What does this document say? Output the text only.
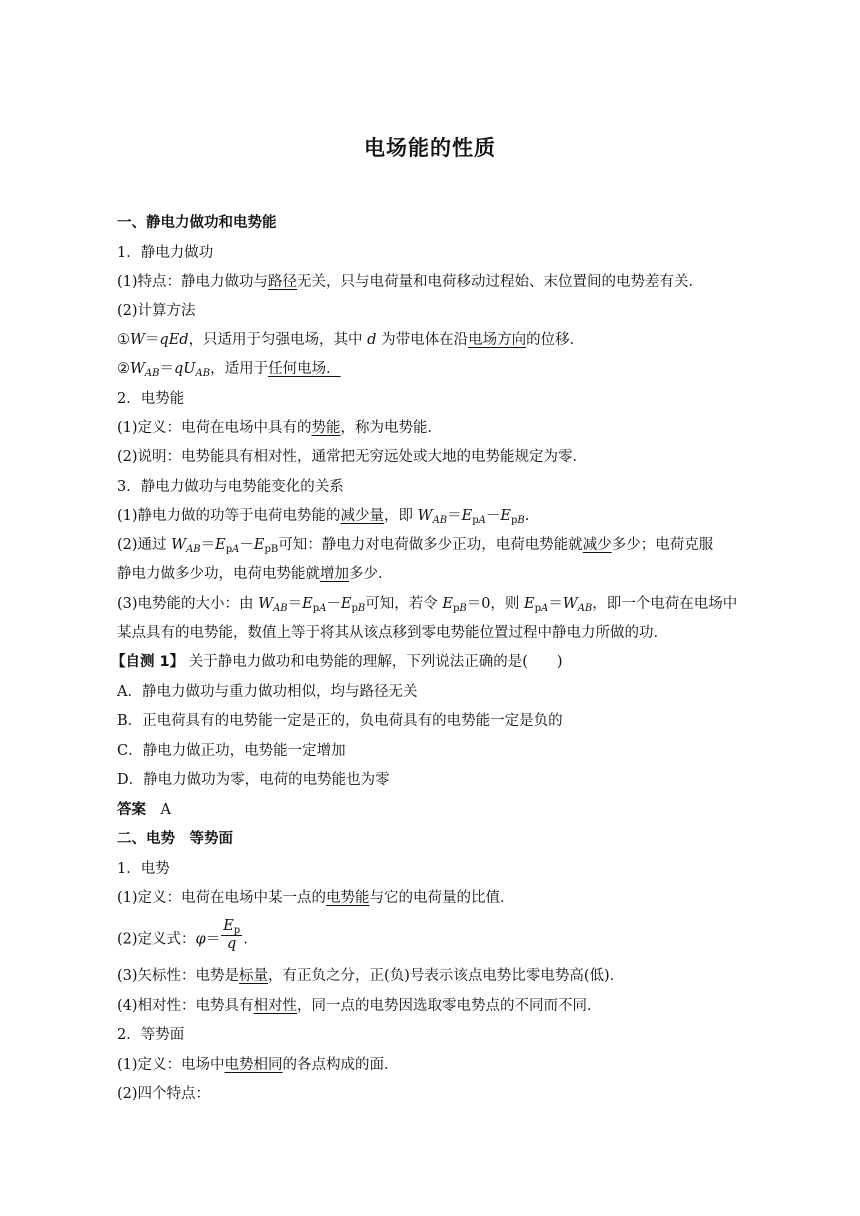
电场能的性质
一、静电力做功和电势能
1．静电力做功
(1)特点：静电力做功与路径无关，只与电荷量和电荷移动过程始、末位置间的电势差有关．
(2)计算方法
①W＝qEd，只适用于匀强电场，其中 d 为带电体在沿电场方向的位移．
$②W_{AB}=qU_{AB}$，适用于任何电场．
2．电势能
(1)定义：电荷在电场中具有的势能，称为电势能．
(2)说明：电势能具有相对性，通常把无穷远处或大地的电势能规定为零．
3．静电力做功与电势能变化的关系
(1)静电力做的功等于电荷电势能的减少量，即 $W_{AB}=E_{pA}-E_{pB}$.
(2)通过 $W_{AB}=E_{pA}-E_{pB}$可知：静电力对电荷做多少正功，电荷电势能就减少多少；电荷克服
静电力做多少功，电荷电势能就增加多少．
(3)电势能的大小：由 $W_{AB}=E_{pA}-E_{pB}$可知，若令 $E_{pB}=0$，则 $E_{pA}=W_{AB}$，即一个电荷在电场中
某点具有的电势能，数值上等于将其从该点移到零电势能位置过程中静电力所做的功．
【自测 1】 关于静电力做功和电势能的理解，下列说法正确的是(　　)
A．静电力做功与重力做功相似，均与路径无关
B．正电荷具有的电势能一定是正的，负电荷具有的电势能一定是负的
C．静电力做正功，电势能一定增加
D．静电力做功为零，电荷的电势能也为零
答案　 A
二、电势　等势面
1．电势
(1)定义：电荷在电场中某一点的电势能与它的电荷量的比值．
(2)定义式：$\varphi= \frac{E_p}{q}$ .
(3)矢标性：电势是标量，有正负之分，正(负)号表示该点电势比零电势高(低)．
(4)相对性：电势具有相对性，同一点的电势因选取零电势点的不同而不同．
2．等势面
(1)定义：电场中电势相同的各点构成的面．
(2)四个特点：
